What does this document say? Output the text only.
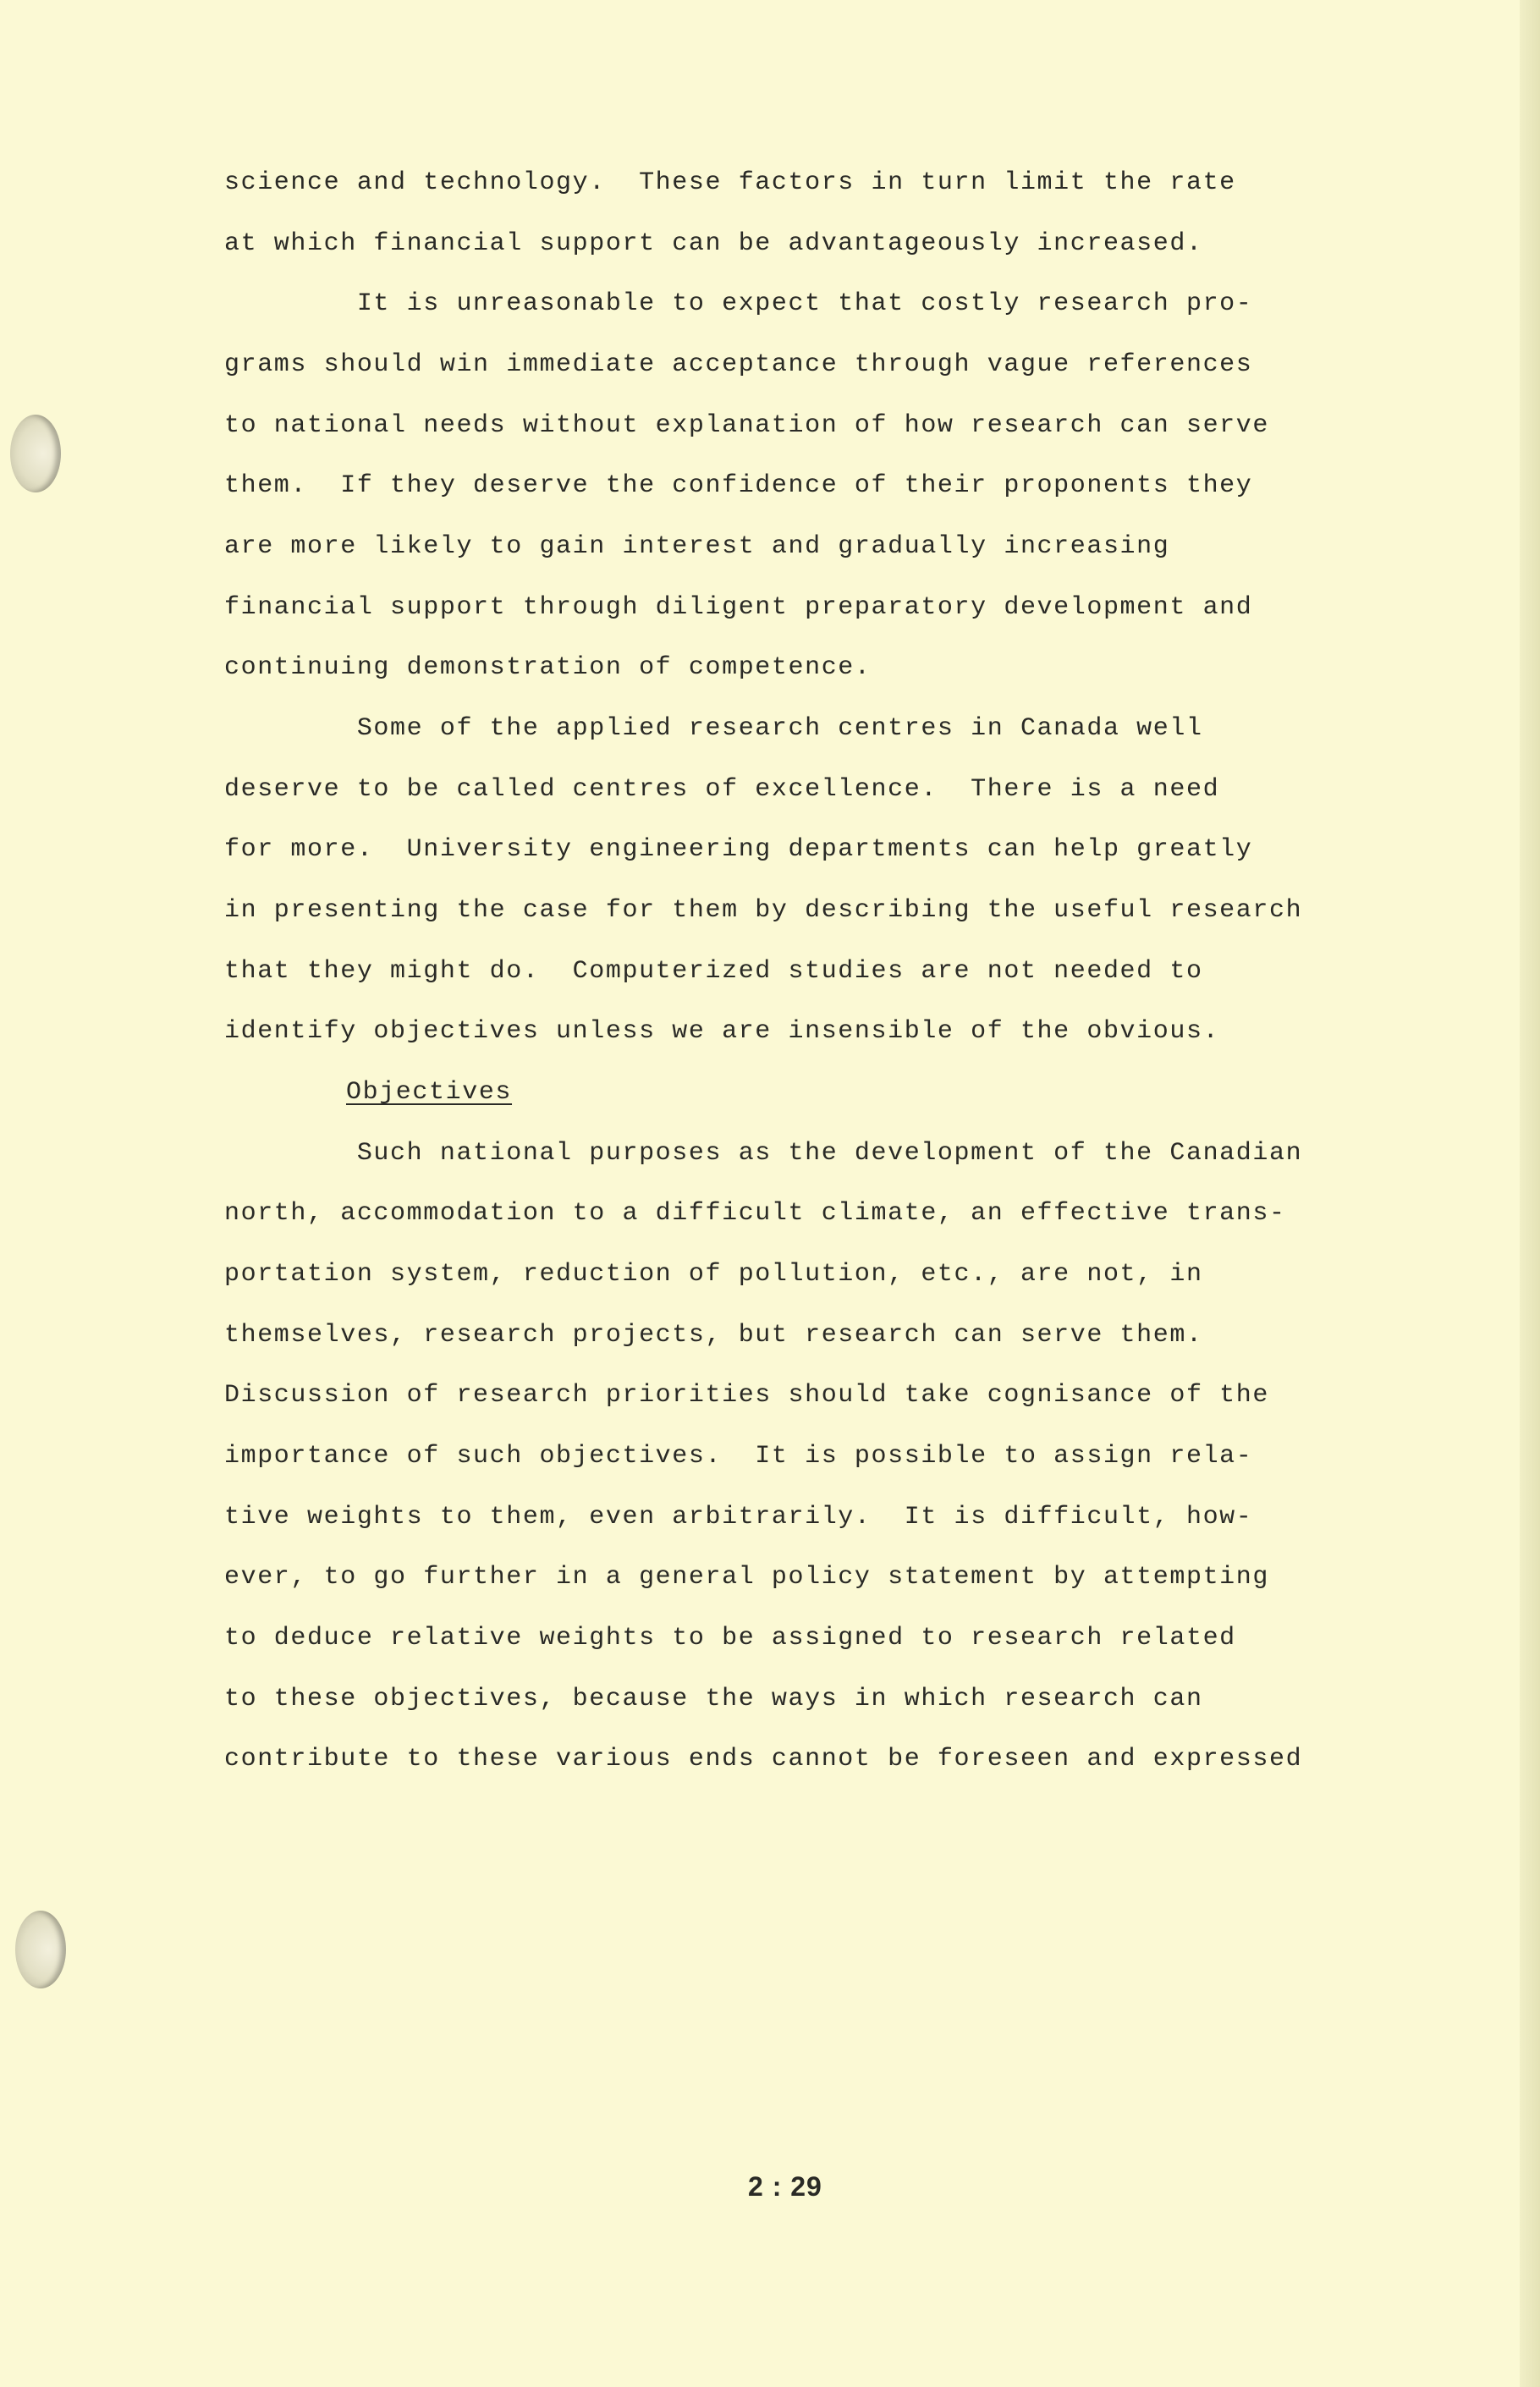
science and technology.  These factors in turn limit the rate
at which financial support can be advantageously increased.
It is unreasonable to expect that costly research pro-
grams should win immediate acceptance through vague references
to national needs without explanation of how research can serve
them.  If they deserve the confidence of their proponents they
are more likely to gain interest and gradually increasing
financial support through diligent preparatory development and
continuing demonstration of competence.
Some of the applied research centres in Canada well
deserve to be called centres of excellence.  There is a need
for more.  University engineering departments can help greatly
in presenting the case for them by describing the useful research
that they might do.  Computerized studies are not needed to
identify objectives unless we are insensible of the obvious.
Objectives
Such national purposes as the development of the Canadian
north, accommodation to a difficult climate, an effective trans-
portation system, reduction of pollution, etc., are not, in
themselves, research projects, but research can serve them.
Discussion of research priorities should take cognisance of the
importance of such objectives.  It is possible to assign rela-
tive weights to them, even arbitrarily.  It is difficult, how-
ever, to go further in a general policy statement by attempting
to deduce relative weights to be assigned to research related
to these objectives, because the ways in which research can
contribute to these various ends cannot be foreseen and expressed
2 : 29
